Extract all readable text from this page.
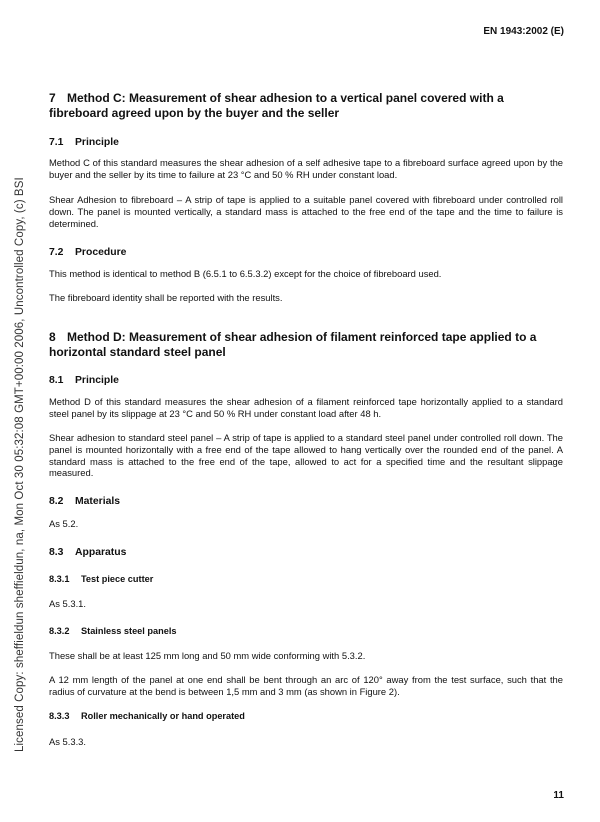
EN 1943:2002 (E)
Licensed Copy: sheffieldun sheffieldun, na, Mon Oct 30 05:32:08 GMT+00:00 2006, Uncontrolled Copy, (c) BSI
7 Method C: Measurement of shear adhesion to a vertical panel covered with a
fibreboard agreed upon by the buyer and the seller
7.1 Principle

Method C of this standard measures the shear adhesion of a self adhesive tape to a fibreboard surface agreed upon by the buyer and the seller by its time to failure at 23 °C and 50 % RH under constant load.

Shear Adhesion to fibreboard – A strip of tape is applied to a suitable panel covered with fibreboard under controlled roll down. The panel is mounted vertically, a standard mass is attached to the free end of the tape and the time to failure is determined.

7.2 Procedure

This method is identical to method B (6.5.1 to 6.5.3.2) except for the choice of fibreboard used.

The fibreboard identity shall be reported with the results.

8 Method D: Measurement of shear adhesion of filament reinforced tape applied to a
horizontal standard steel panel
8.1 Principle

Method D of this standard measures the shear adhesion of a filament reinforced tape horizontally applied to a standard steel panel by its slippage at 23 °C and 50 % RH under constant load after 48 h.

Shear adhesion to standard steel panel – A strip of tape is applied to a standard steel panel under controlled roll down. The panel is mounted horizontally with a free end of the tape allowed to hang vertically over the rounded end of the panel. A standard mass is attached to the free end of the tape, allowed to act for a specified time and the resultant slippage measured.

8.2 Materials

As 5.2.

8.3 Apparatus
8.3.1 Test piece cutter

As 5.3.1.

8.3.2 Stainless steel panels

These shall be at least 125 mm long and 50 mm wide conforming with 5.3.2.

A 12 mm length of the panel at one end shall be bent through an arc of 120° away from the test surface, such that the radius of curvature at the bend is between 1,5 mm and 3 mm (as shown in Figure 2).

8.3.3 Roller mechanically or hand operated

As 5.3.3.

11
